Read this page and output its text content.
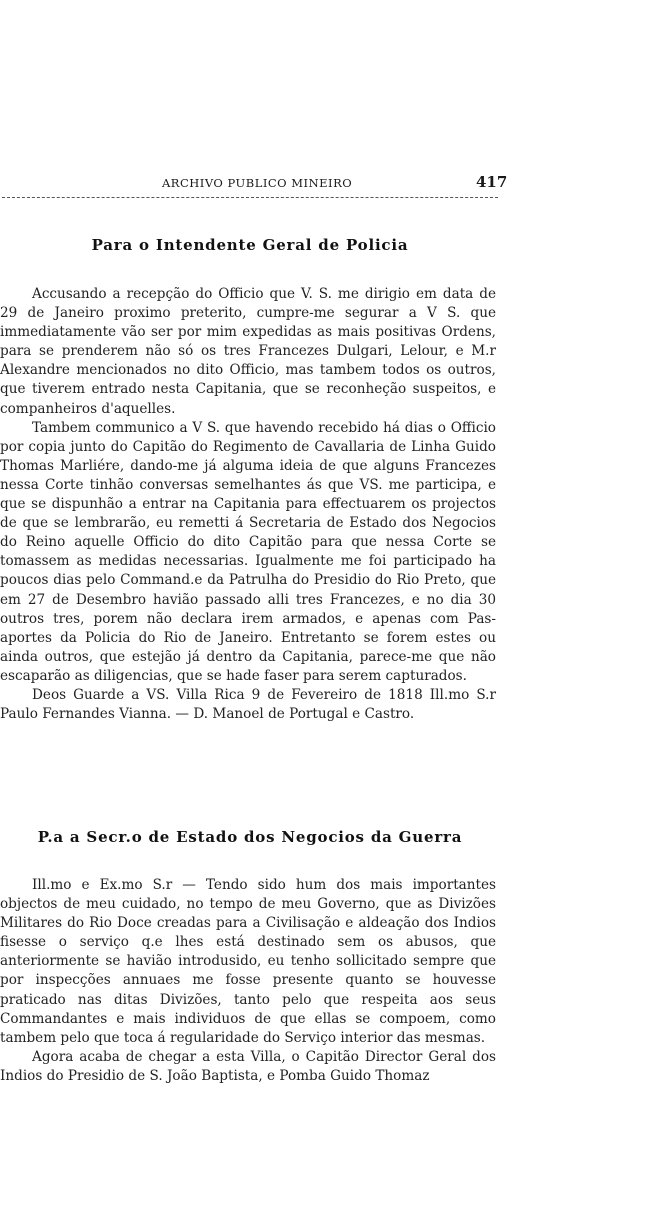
ARCHIVO PUBLICO MINEIRO	417
Para o Intendente Geral de Policia

Accusando a recepção do Officio que V. S. me dirigio em data de 29 de Janeiro proximo preterito, cumpre-me segurar a V S. que immediatamente vão ser por mim expedidas as mais positivas Ordens, para se prenderem não só os tres Francezes Dulgari, Lelour, e M.r Alexandre mencionados no dito Officio, mas tambem todos os outros, que tiverem entrado nesta Capitania, que se reconheção suspeitos, e companheiros d'aquelles.

Tambem communico a V S. que havendo recebido há dias o Officio por copia junto do Capitão do Regimento de Cavallaria de Linha Guido Thomas Marliére, dando-me já alguma ideia de que alguns Francezes nessa Corte tinhão conversas semelhantes ás que VS. me participa, e que se dispunhão a entrar na Capitania para effectuarem os projectos de que se lembrarão, eu remetti á Secretaria de Estado dos Negocios do Reino aquelle Officio do dito Capitão para que nessa Corte se tomassem as medidas necessarias. Igualmente me foi participado ha poucos dias pelo Command.e da Patrulha do Presidio do Rio Preto, que em 27 de Desembro havião passado alli tres Francezes, e no dia 30 outros tres, porem não declara irem armados, e apenas com Pas-aportes da Policia do Rio de Janeiro. Entretanto se forem estes ou ainda outros, que estejão já dentro da Capitania, parece-me que não escaparão as diligencias, que se hade faser para serem capturados.

Deos Guarde a VS. Villa Rica 9 de Fevereiro de 1818 Ill.mo S.r Paulo Fernandes Vianna. — D. Manoel de Portugal e Castro.

P.a a Secr.o de Estado dos Negocios da Guerra

Ill.mo e Ex.mo S.r — Tendo sido hum dos mais importantes objectos de meu cuidado, no tempo de meu Governo, que as Divizões Militares do Rio Doce creadas para a Civilisação e aldeação dos Indios fisesse o serviço q.e lhes está destinado sem os abusos, que anteriormente se havião introdusido, eu tenho sollicitado sempre que por inspecções annuaes me fosse presente quanto se houvesse praticado nas ditas Divizões, tanto pelo que respeita aos seus Commandantes e mais individuos de que ellas se compoem, como tambem pelo que toca á regularidade do Serviço interior das mesmas.

Agora acaba de chegar a esta Villa, o Capitão Director Geral dos Indios do Presidio de S. João Baptista, e Pomba Guido Thomaz
